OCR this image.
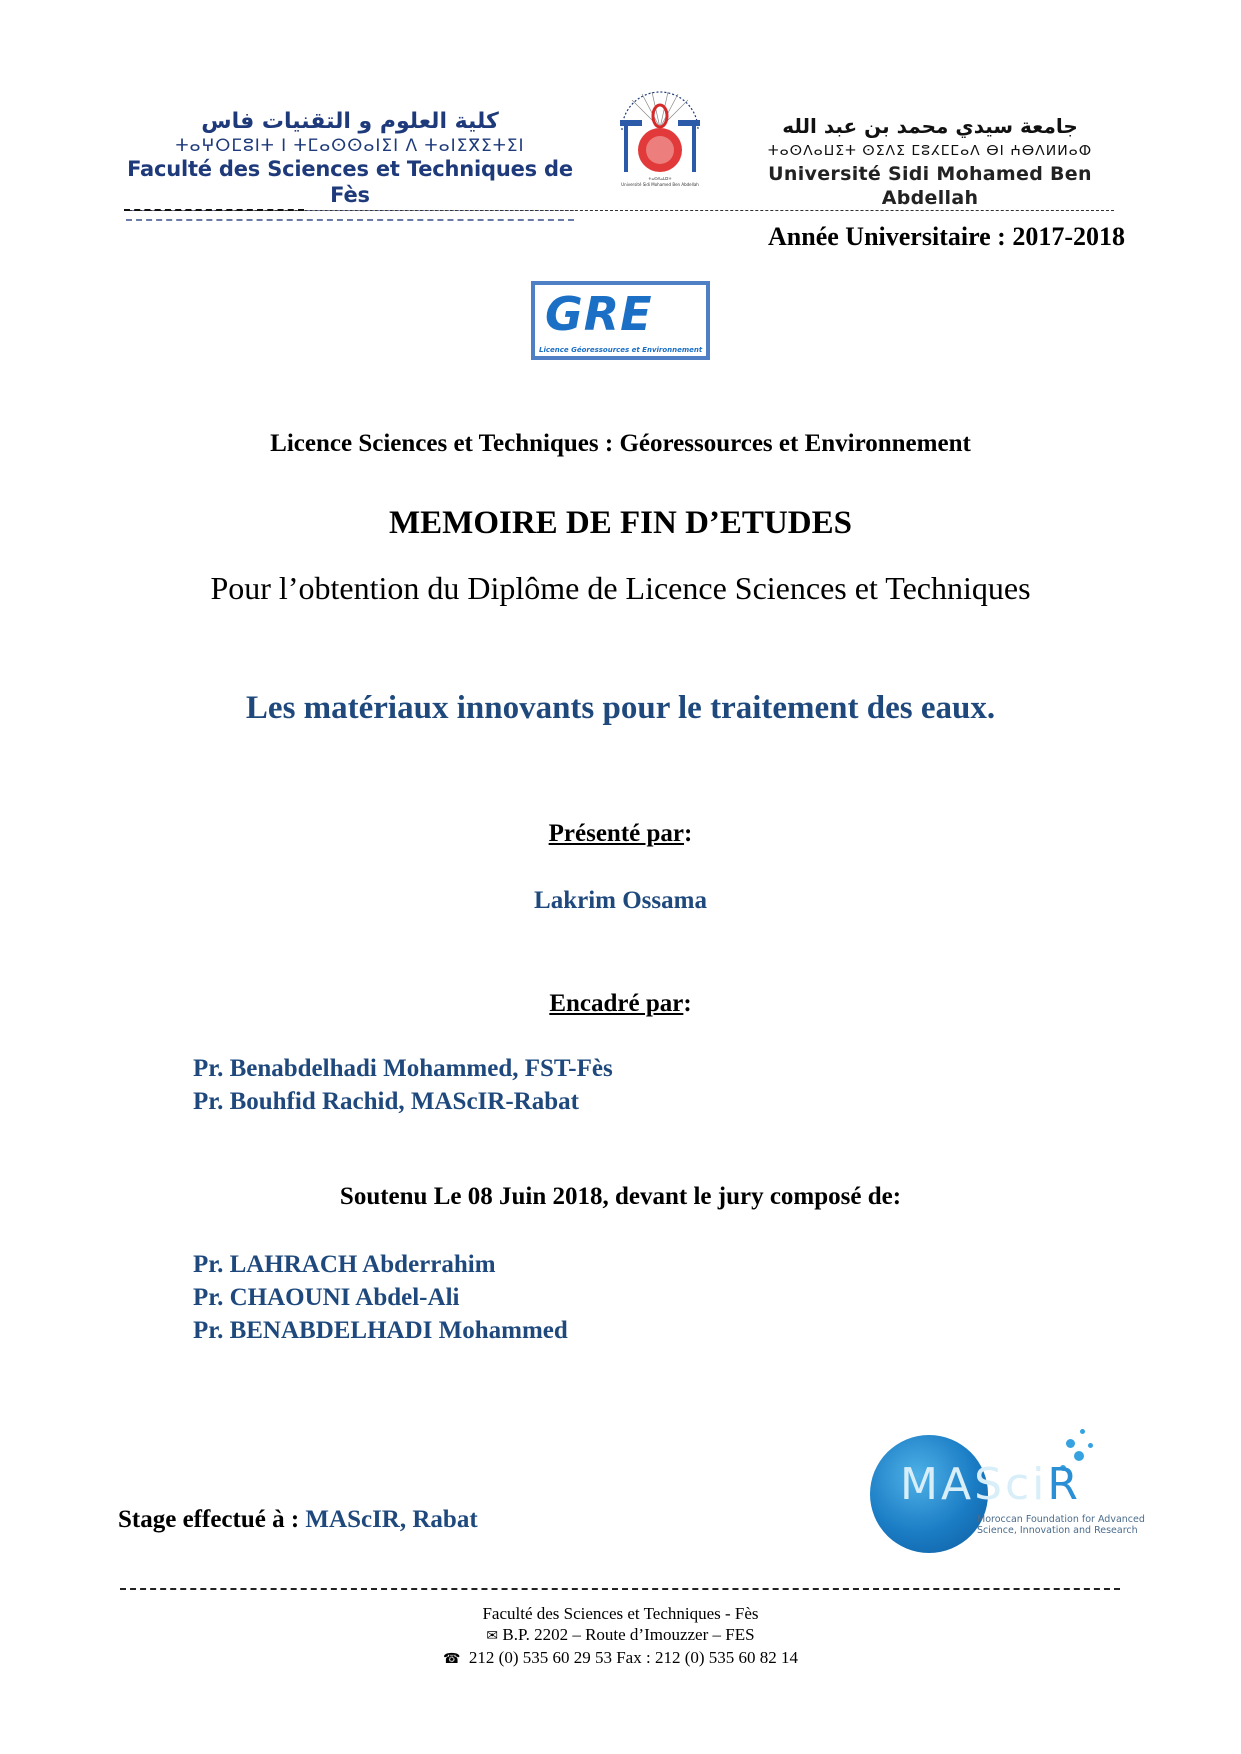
كلية العلوم و التقنيات فاس
ⵜⴰⵖⵔⵎⵓⵏⵜ ⵏ ⵜⵎⴰⵙⵙⴰⵏⵉⵏ ⴷ ⵜⴰⵏⵉⴳⵉⵜⵉⵏ
Faculté des Sciences et Techniques de Fès
ⵜⴰⵙⴷⴰⵡⵉⵜ
Université Sidi Mohamed Ben Abdellah
جامعة سيدي محمد بن عبد الله
ⵜⴰⵙⴷⴰⵡⵉⵜ ⵙⵉⴷⵉ ⵎⵓⵃⵎⵎⴰⴷ ⴱⵏ ⵄⴱⴷⵍⵍⴰⵀ
Université Sidi Mohamed Ben Abdellah
Année Universitaire : 2017-2018
GRE
Licence Géoressources et Environnement
Licence Sciences et Techniques : Géoressources et Environnement
MEMOIRE DE FIN D’ETUDES
Pour l’obtention du Diplôme de Licence Sciences et Techniques
Les matériaux innovants pour le traitement des eaux.
Présenté par:
Lakrim Ossama
Encadré par:
Pr. Benabdelhadi Mohammed, FST-Fès
Pr. Bouhfid Rachid, MAScIR-Rabat
Soutenu Le 08 Juin 2018, devant le jury composé de:
Pr. LAHRACH Abderrahim
Pr. CHAOUNI Abdel-Ali
Pr. BENABDELHADI Mohammed
Stage effectué à : MAScIR, Rabat
MASciR
Moroccan Foundation for Advanced
Science, Innovation and Research
Faculté des Sciences et Techniques - Fès
✉ B.P. 2202 – Route d’Imouzzer – FES
☎ 212 (0) 535 60 29 53 Fax : 212 (0) 535 60 82 14
